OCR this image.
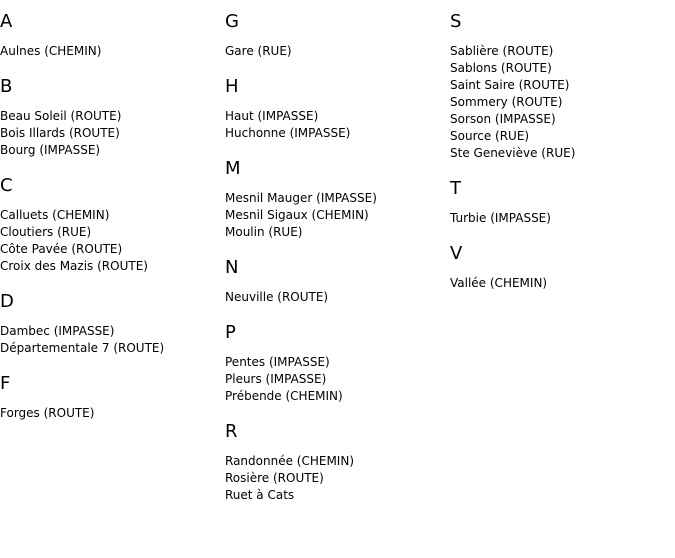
A
Aulnes (CHEMIN)
B
Beau Soleil (ROUTE)
Bois Illards (ROUTE)
Bourg (IMPASSE)
C
Calluets (CHEMIN)
Cloutiers (RUE)
Côte Pavée (ROUTE)
Croix des Mazis (ROUTE)
D
Dambec (IMPASSE)
Départementale 7 (ROUTE)
F
Forges (ROUTE)
G
Gare (RUE)
H
Haut (IMPASSE)
Huchonne (IMPASSE)
M
Mesnil Mauger (IMPASSE)
Mesnil Sigaux (CHEMIN)
Moulin (RUE)
N
Neuville (ROUTE)
P
Pentes (IMPASSE)
Pleurs (IMPASSE)
Prébende (CHEMIN)
R
Randonnée (CHEMIN)
Rosière (ROUTE)
Ruet à Cats
S
Sablière (ROUTE)
Sablons (ROUTE)
Saint Saire (ROUTE)
Sommery (ROUTE)
Sorson (IMPASSE)
Source (RUE)
Ste Geneviève (RUE)
T
Turbie (IMPASSE)
V
Vallée (CHEMIN)
